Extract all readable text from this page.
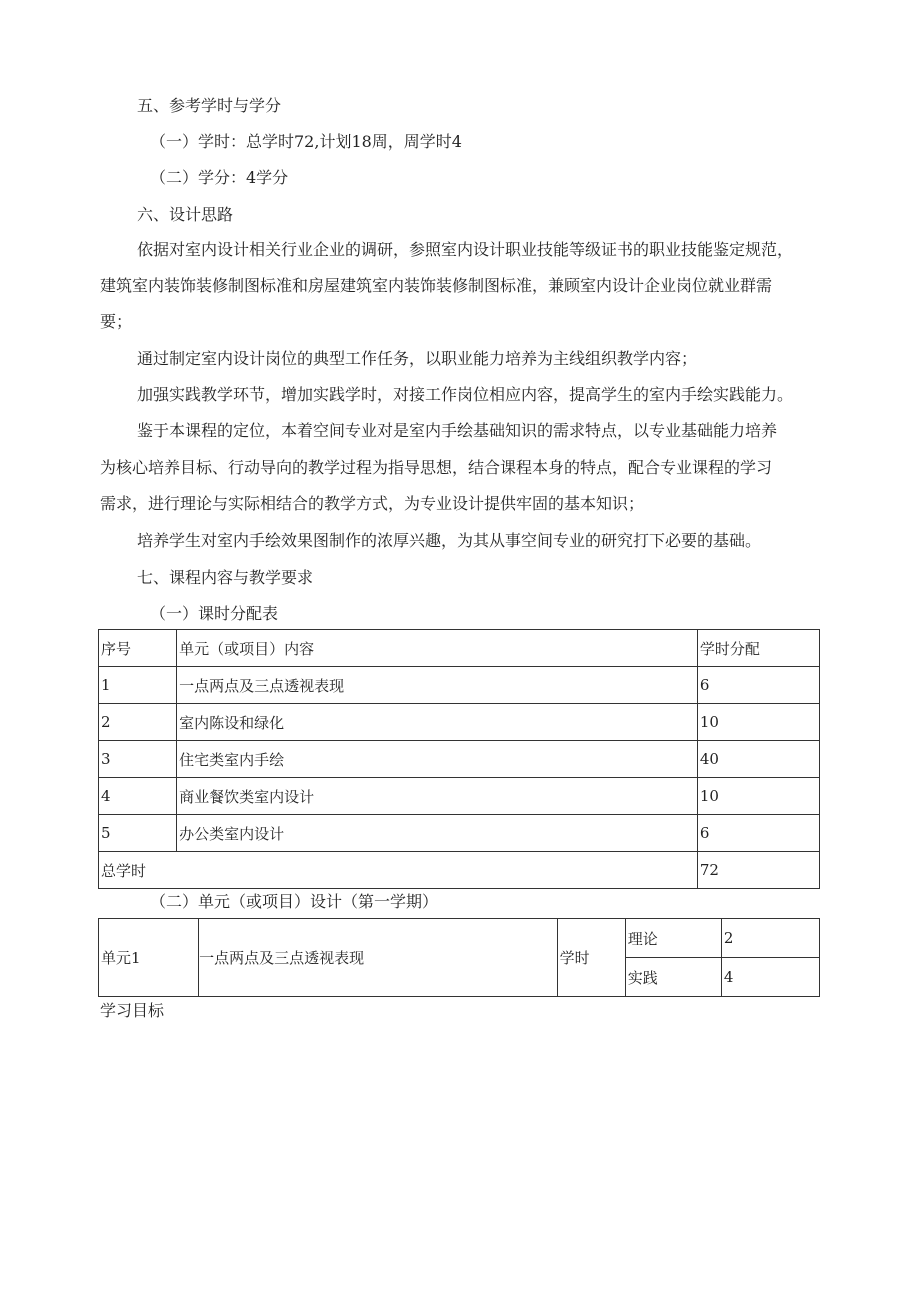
五、参考学时与学分
（一）学时：总学时72,计划18周，周学时4
（二）学分：4学分
六、设计思路
依据对室内设计相关行业企业的调研，参照室内设计职业技能等级证书的职业技能鉴定规范，
建筑室内装饰装修制图标准和房屋建筑室内装饰装修制图标准，兼顾室内设计企业岗位就业群需
要；
通过制定室内设计岗位的典型工作任务，以职业能力培养为主线组织教学内容；
加强实践教学环节，增加实践学时，对接工作岗位相应内容，提高学生的室内手绘实践能力。
鉴于本课程的定位，本着空间专业对是室内手绘基础知识的需求特点，以专业基础能力培养
为核心培养目标、行动导向的教学过程为指导思想，结合课程本身的特点，配合专业课程的学习
需求，进行理论与实际相结合的教学方式，为专业设计提供牢固的基本知识；
培养学生对室内手绘效果图制作的浓厚兴趣，为其从事空间专业的研究打下必要的基础。
七、课程内容与教学要求
（一）课时分配表
序号	单元（或项目）内容	学时分配
1	一点两点及三点透视表现	6
2	室内陈设和绿化	10
3	住宅类室内手绘	40
4	商业餐饮类室内设计	10
5	办公类室内设计	6
总学时		72
（二）单元（或项目）设计（第一学期）
单元1	一点两点及三点透视表现	学时	理论	2
			实践	4
学习目标
